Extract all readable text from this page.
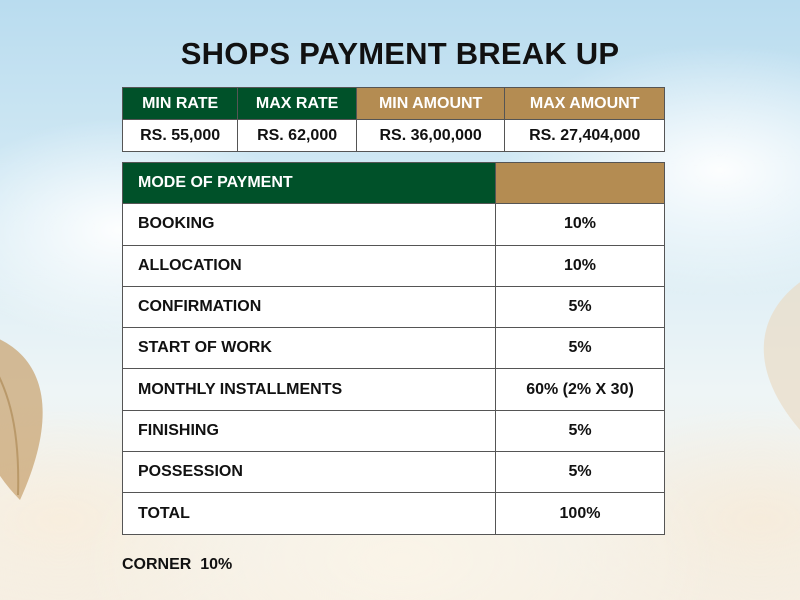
SHOPS PAYMENT BREAK UP
MIN RATE	MAX RATE	MIN AMOUNT	MAX AMOUNT
RS. 55,000	RS. 62,000	RS. 36,00,000	RS. 27,404,000
MODE OF PAYMENT	
BOOKING	10%
ALLOCATION	10%
CONFIRMATION	5%
START OF WORK	5%
MONTHLY INSTALLMENTS	60% (2% X 30)
FINISHING	5%
POSSESSION	5%
TOTAL	100%
CORNER 10%
